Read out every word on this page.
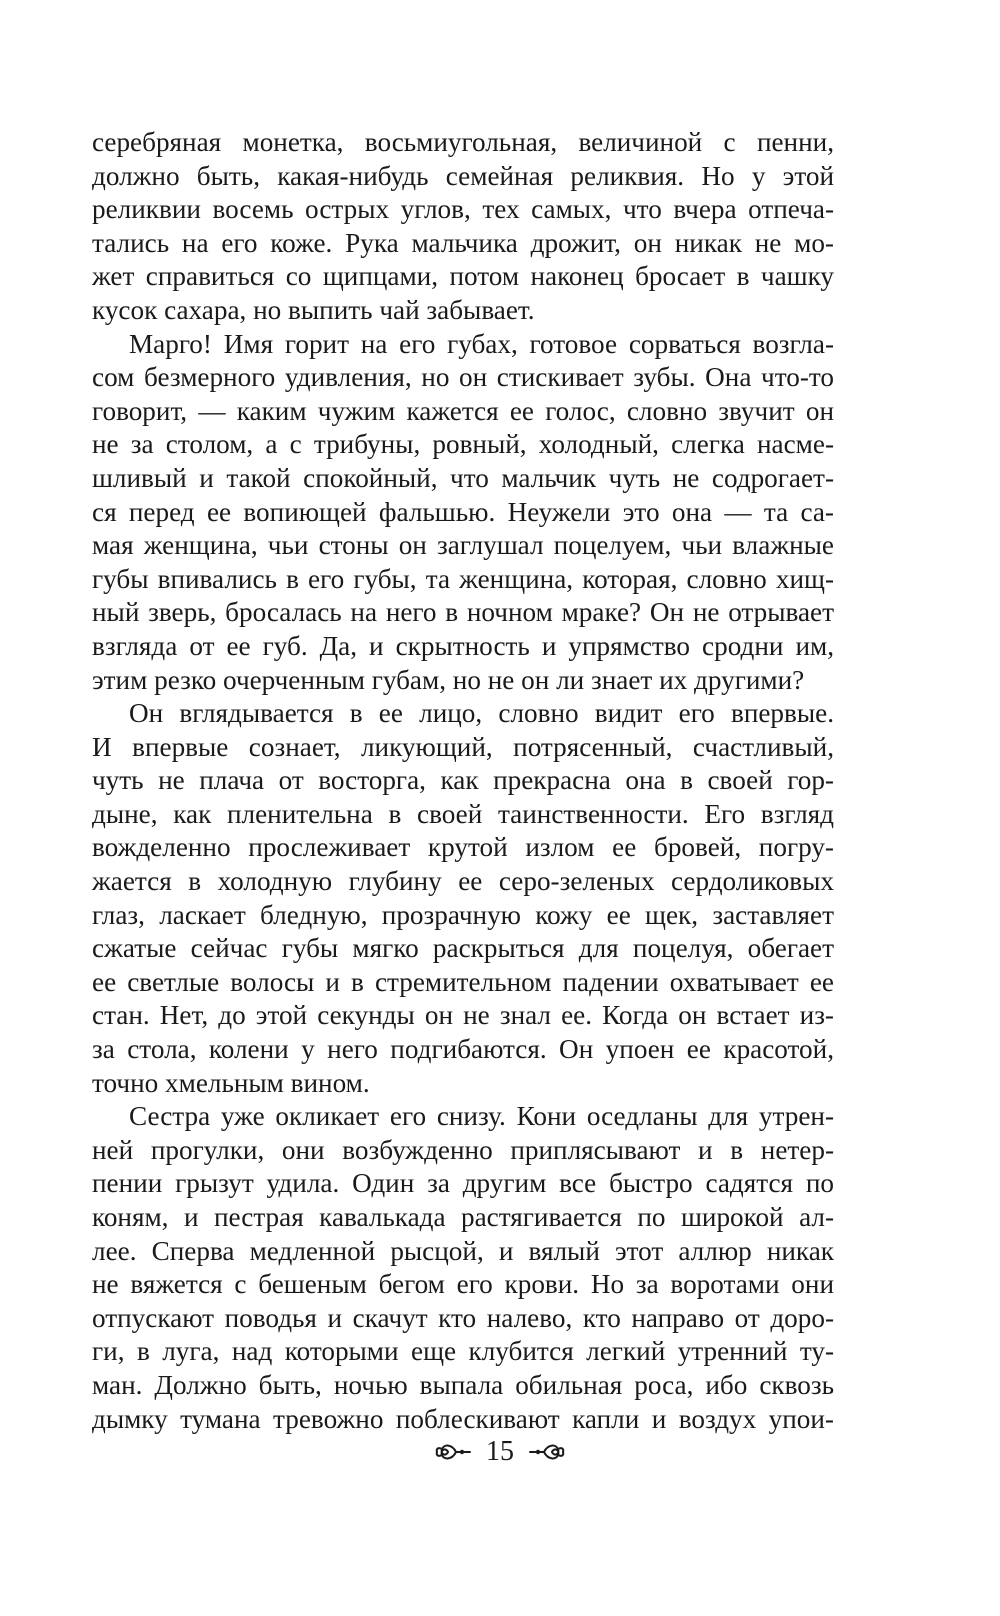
серебряная монетка, восьмиугольная, величиной с пенни,
должно быть, какая-нибудь семейная реликвия. Но у этой
реликвии восемь острых углов, тех самых, что вчера отпеча-
тались на его коже. Рука мальчика дрожит, он никак не мо-
жет справиться со щипцами, потом наконец бросает в чашку
кусок сахара, но выпить чай забывает.
Марго! Имя горит на его губах, готовое сорваться возгла-
сом безмерного удивления, но он стискивает зубы. Она что-то
говорит, — каким чужим кажется ее голос, словно звучит он
не за столом, а с трибуны, ровный, холодный, слегка насме-
шливый и такой спокойный, что мальчик чуть не содрогает-
ся перед ее вопиющей фальшью. Неужели это она — та са-
мая женщина, чьи стоны он заглушал поцелуем, чьи влажные
губы впивались в его губы, та женщина, которая, словно хищ-
ный зверь, бросалась на него в ночном мраке? Он не отрывает
взгляда от ее губ. Да, и скрытность и упрямство сродни им,
этим резко очерченным губам, но не он ли знает их другими?
Он вглядывается в ее лицо, словно видит его впервые.
И впервые сознает, ликующий, потрясенный, счастливый,
чуть не плача от восторга, как прекрасна она в своей гор-
дыне, как пленительна в своей таинственности. Его взгляд
вожделенно прослеживает крутой излом ее бровей, погру-
жается в холодную глубину ее серо-зеленых сердоликовых
глаз, ласкает бледную, прозрачную кожу ее щек, заставляет
сжатые сейчас губы мягко раскрыться для поцелуя, обегает
ее светлые волосы и в стремительном падении охватывает ее
стан. Нет, до этой секунды он не знал ее. Когда он встает из-
за стола, колени у него подгибаются. Он упоен ее красотой,
точно хмельным вином.
Сестра уже окликает его снизу. Кони оседланы для утрен-
ней прогулки, они возбужденно приплясывают и в нетер-
пении грызут удила. Один за другим все быстро садятся по
коням, и пестрая кавалькада растягивается по широкой ал-
лее. Сперва медленной рысцой, и вялый этот аллюр никак
не вяжется с бешеным бегом его крови. Но за воротами они
отпускают поводья и скачут кто налево, кто направо от доро-
ги, в луга, над которыми еще клубится легкий утренний ту-
ман. Должно быть, ночью выпала обильная роса, ибо сквозь
дымку тумана тревожно поблескивают капли и воздух упои-
15
